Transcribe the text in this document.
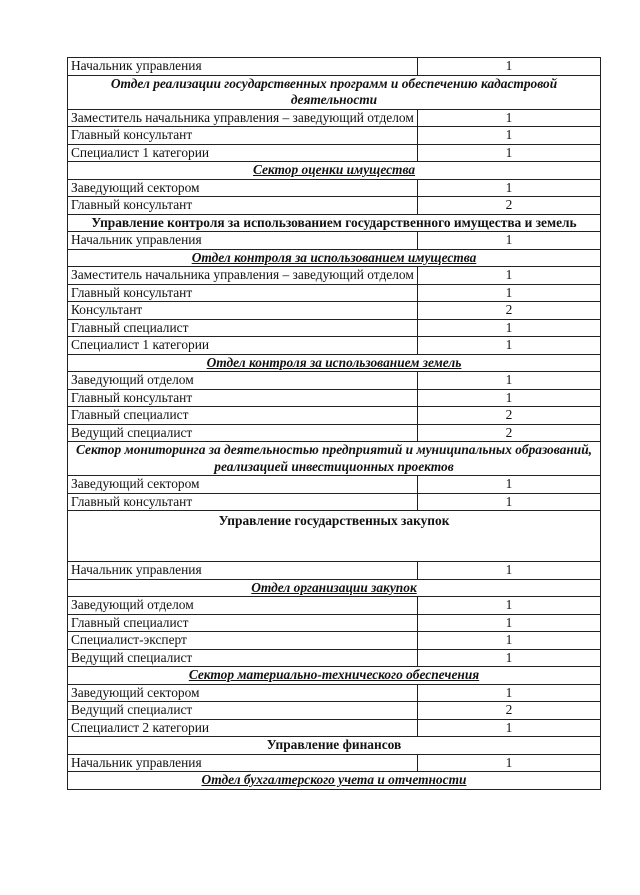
Начальник управления	1
Отдел реализации государственных программ и обеспечению кадастровой деятельности	
Заместитель начальника управления – заведующий отделом	1
Главный консультант	1
Специалист 1 категории	1
Сектор оценки имущества	
Заведующий сектором	1
Главный консультант	2
Управление контроля за использованием государственного имущества и земель	
Начальник управления	1
Отдел контроля за использованием имущества	
Заместитель начальника управления – заведующий отделом	1
Главный консультант	1
Консультант	2
Главный специалист	1
Специалист 1 категории	1
Отдел контроля за использованием земель	
Заведующий отделом	1
Главный консультант	1
Главный специалист	2
Ведущий специалист	2
Сектор мониторинга за деятельностью предприятий и муниципальных образований, реализацией инвестиционных проектов	
Заведующий сектором	1
Главный консультант	1
Управление государственных закупок	
Начальник управления	1
Отдел организации закупок	
Заведующий отделом	1
Главный специалист	1
Специалист-эксперт	1
Ведущий специалист	1
Сектор материально-технического обеспечения	
Заведующий сектором	1
Ведущий специалист	2
Специалист 2 категории	1
Управление финансов	
Начальник управления	1
Отдел бухгалтерского учета и отчетности	
